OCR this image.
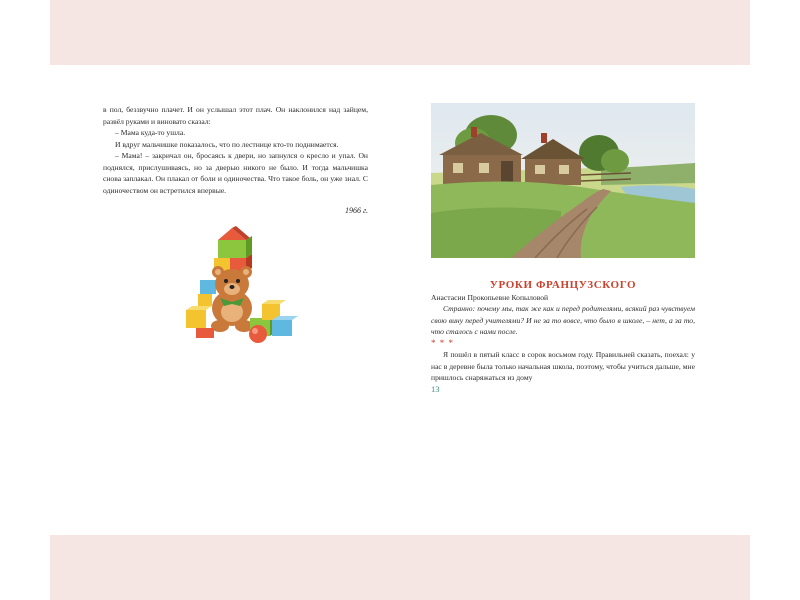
в пол, беззвучно плачет. И он услышал этот плач. Он наклонился над зайцем, развёл руками и виновато сказал:

– Мама куда-то ушла.

И вдруг мальчишке показалось, что по лестнице кто-то поднимается.

– Мама! – закричал он, бросаясь к двери, но запнулся о кресло и упал. Он поднялся, прислушиваясь, но за дверью никого не было. И тогда мальчишка снова заплакал. Он плакал от боли и одиночества. Что такое боль, он уже знал. С одиночеством он встретился впервые.

1966 г.

УРОКИ ФРАНЦУЗСКОГО

Анастасии Прокопьевне Копыловой

Странно: почему мы, так же как и перед родителями, всякий раз чувствуем свою вину перед учителями? И не за то вовсе, что было в школе, – нет, а за то, что сталось с нами после.

* * *

Я пошёл в пятый класс в сорок восьмом году. Правильней сказать, поехал: у нас в деревне была только начальная школа, поэтому, чтобы учиться дальше, мне пришлось снаряжаться из дому

13
